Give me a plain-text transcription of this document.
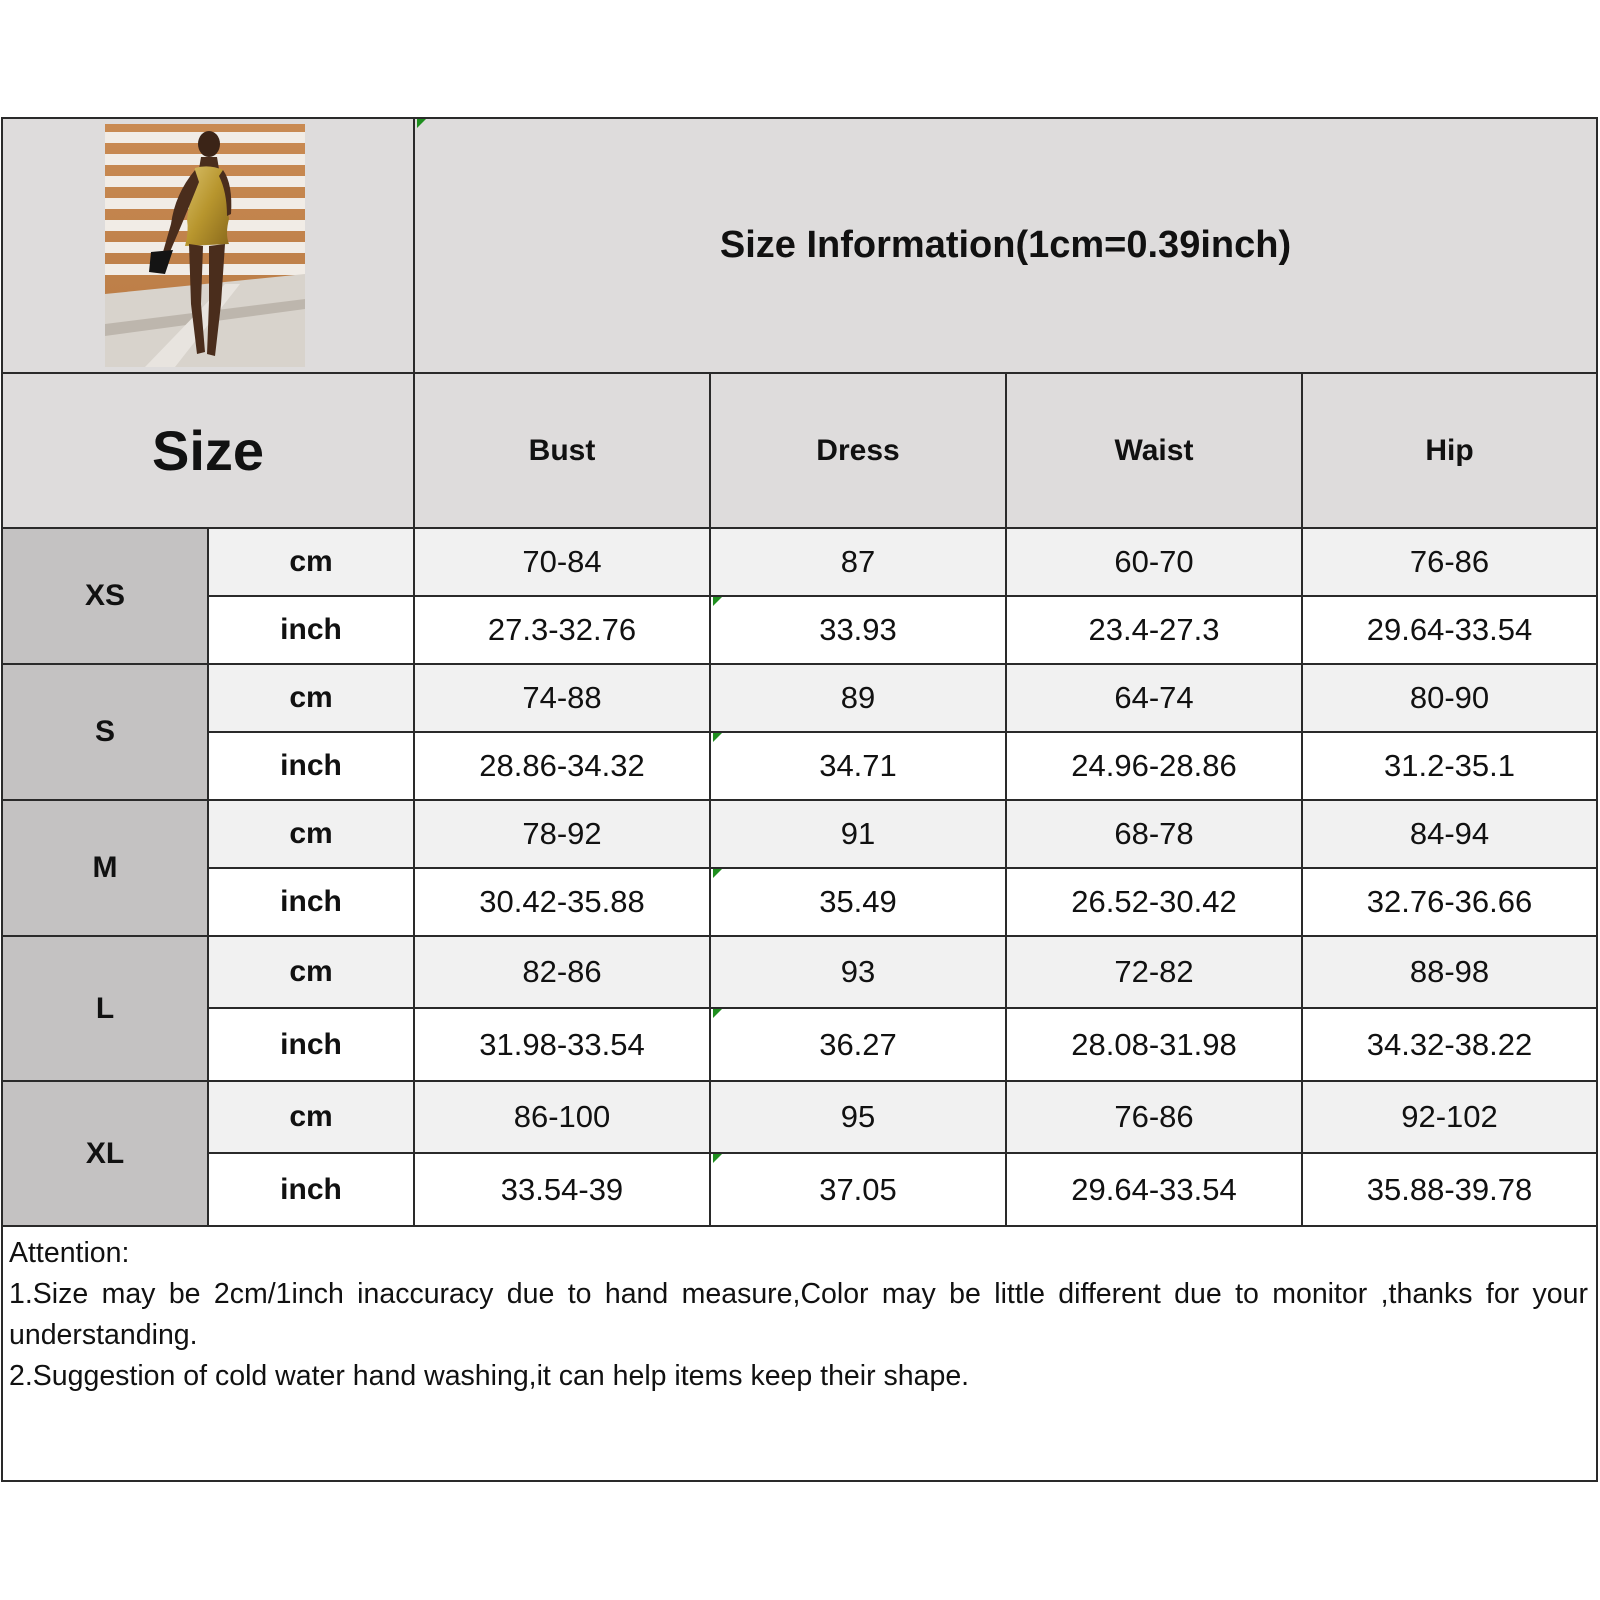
Size Information(1cm=0.39inch)
Size	Bust	Dress	Waist	Hip
XS
cm	70-84	87	60-70	76-86
inch	27.3-32.76	33.93	23.4-27.3	29.64-33.54
S
cm	74-88	89	64-74	80-90
inch	28.86-34.32	34.71	24.96-28.86	31.2-35.1
M
cm	78-92	91	68-78	84-94
inch	30.42-35.88	35.49	26.52-30.42	32.76-36.66
L
cm	82-86	93	72-82	88-98
inch	31.98-33.54	36.27	28.08-31.98	34.32-38.22
XL
cm	86-100	95	76-86	92-102
inch	33.54-39	37.05	29.64-33.54	35.88-39.78
Attention:
1.Size may be 2cm/1inch inaccuracy due to hand measure,Color may be little different due to monitor ,thanks for your understanding.
2.Suggestion of cold water hand washing,it can help items keep their shape.
